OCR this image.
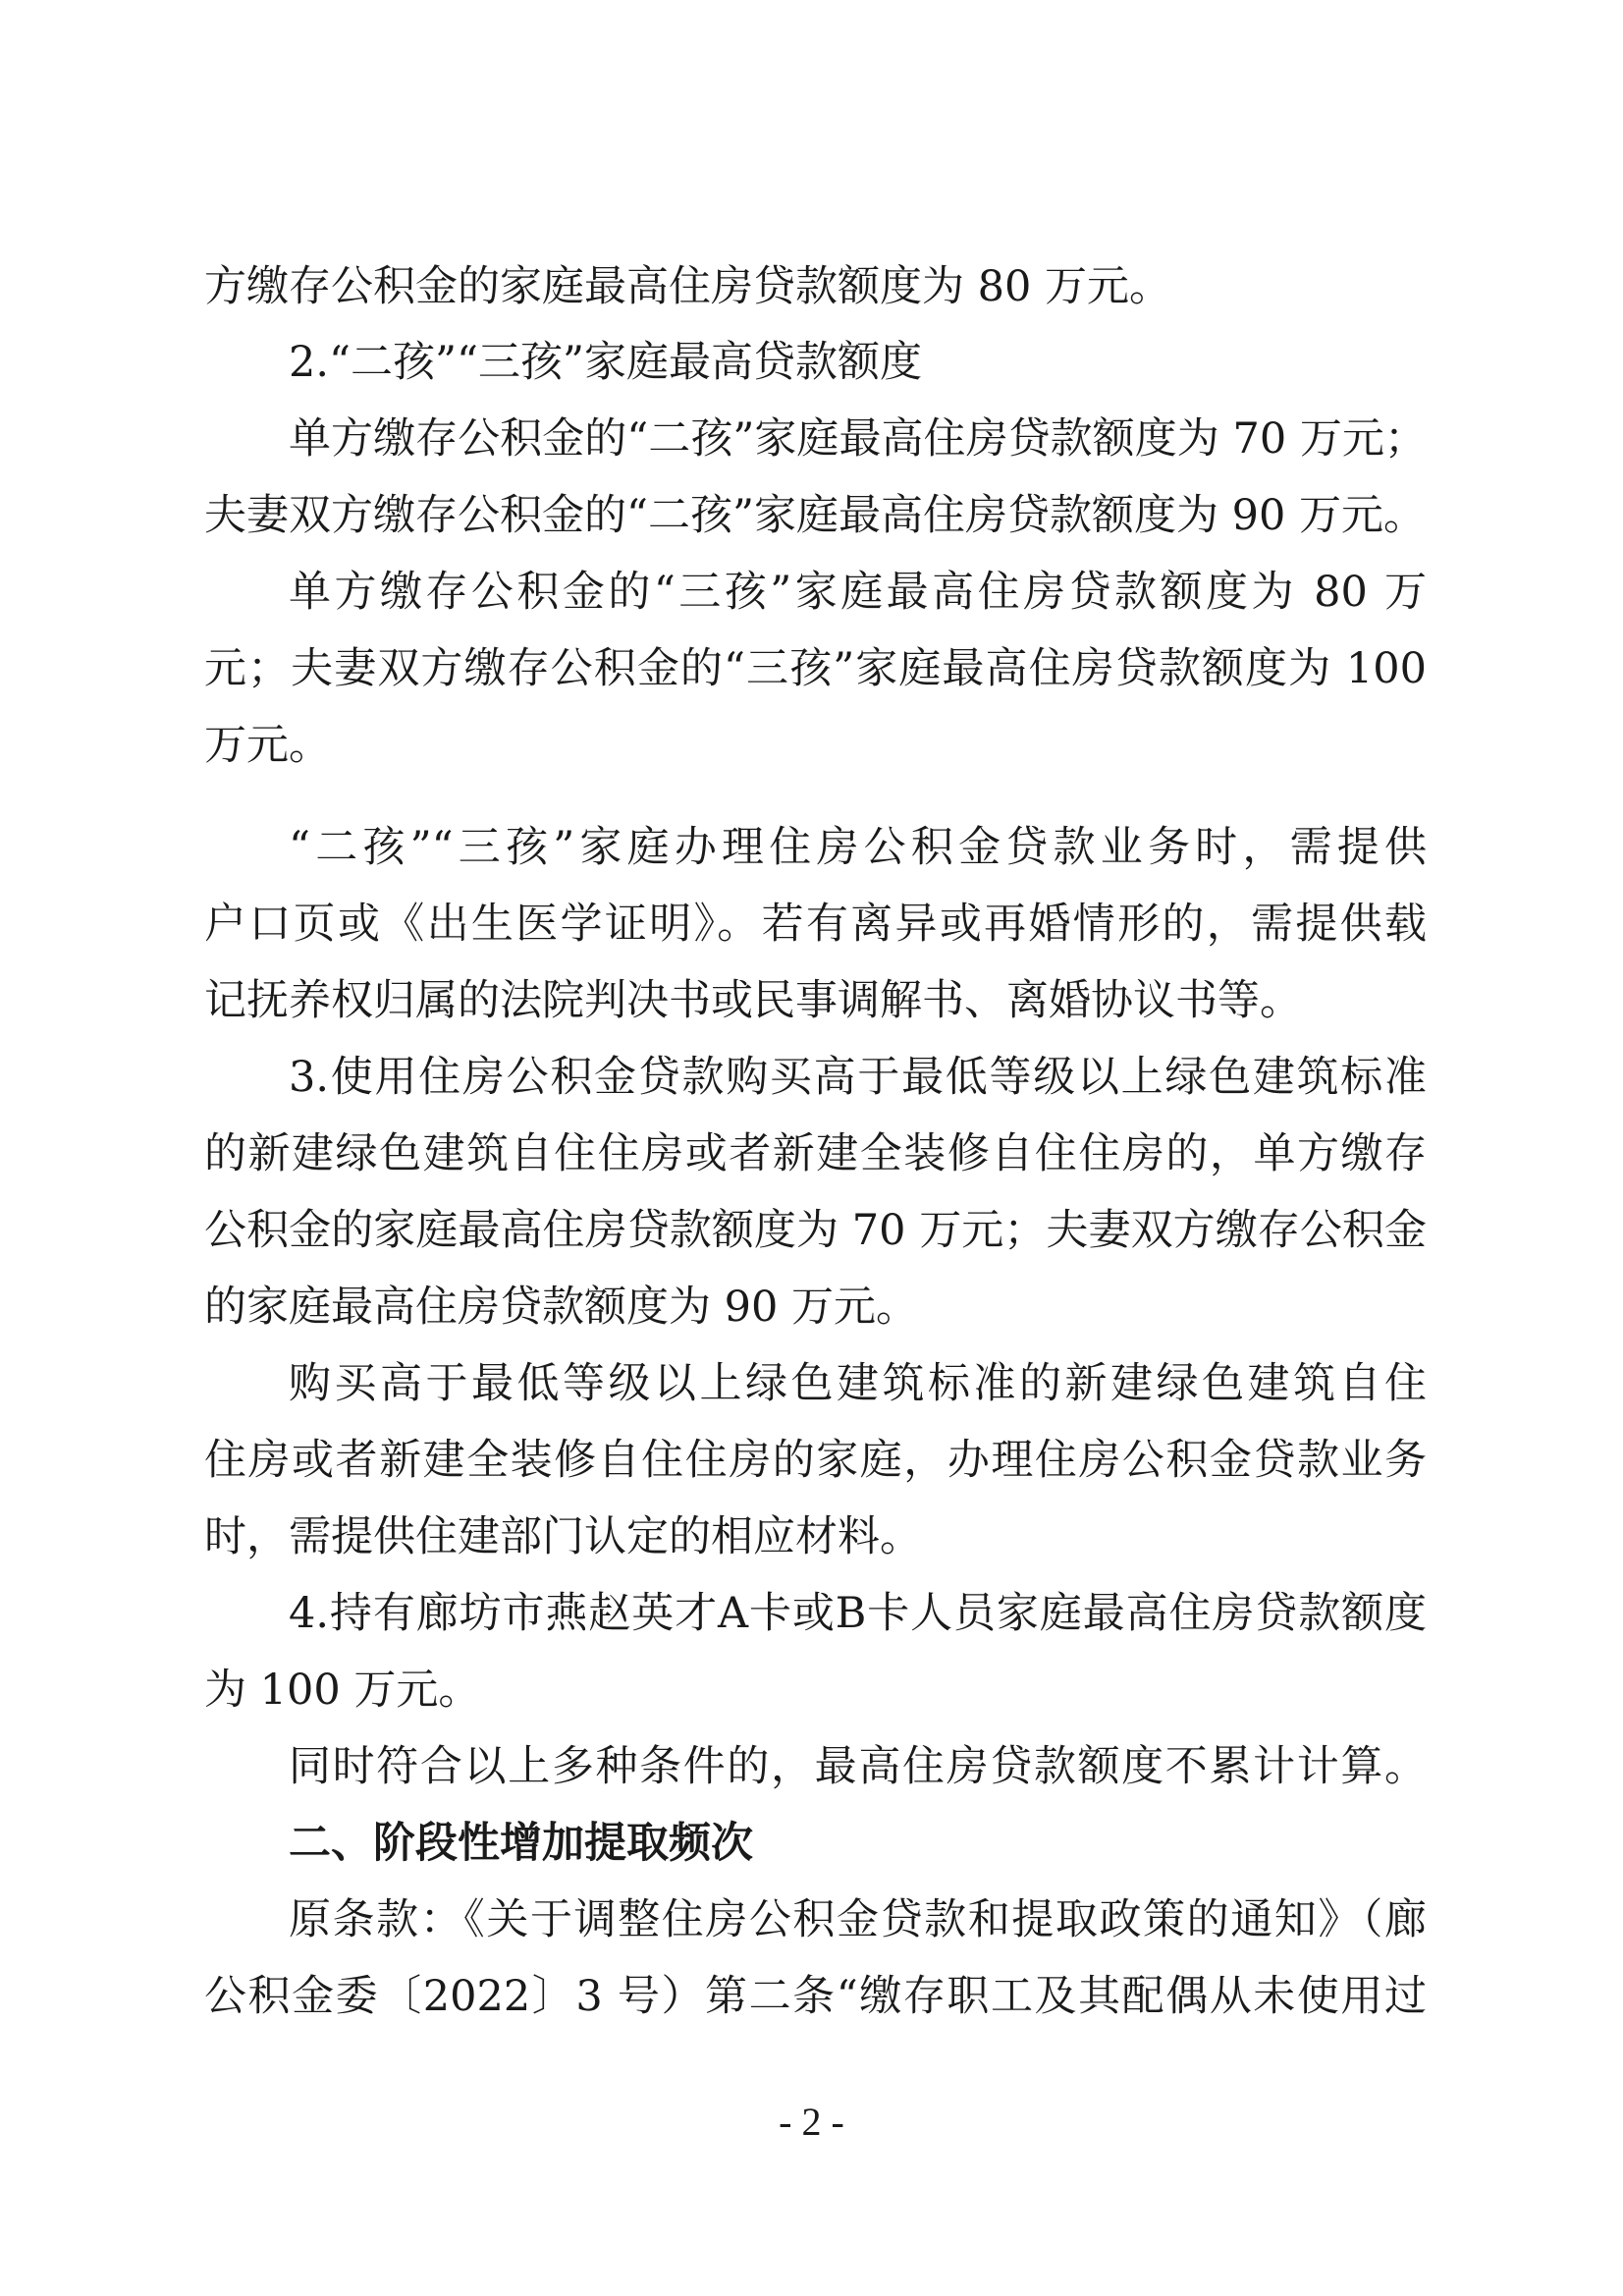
方缴存公积金的家庭最高住房贷款额度为 80 万元。
2.“二孩”“三孩”家庭最高贷款额度
单方缴存公积金的“二孩”家庭最高住房贷款额度为 70 万元；
夫妻双方缴存公积金的“二孩”家庭最高住房贷款额度为 90 万元。
单方缴存公积金的“三孩”家庭最高住房贷款额度为 80 万
元；夫妻双方缴存公积金的“三孩”家庭最高住房贷款额度为 100
万元。
“二孩”“三孩”家庭办理住房公积金贷款业务时，需提供
户口页或《出生医学证明》。若有离异或再婚情形的，需提供载
记抚养权归属的法院判决书或民事调解书、离婚协议书等。
3.使用住房公积金贷款购买高于最低等级以上绿色建筑标准
的新建绿色建筑自住住房或者新建全装修自住住房的，单方缴存
公积金的家庭最高住房贷款额度为 70 万元；夫妻双方缴存公积金
的家庭最高住房贷款额度为 90 万元。
购买高于最低等级以上绿色建筑标准的新建绿色建筑自住
住房或者新建全装修自住住房的家庭，办理住房公积金贷款业务
时，需提供住建部门认定的相应材料。
4.持有廊坊市燕赵英才A卡或B卡人员家庭最高住房贷款额度
为 100 万元。
同时符合以上多种条件的，最高住房贷款额度不累计计算。
二、阶段性增加提取频次
原条款：《关于调整住房公积金贷款和提取政策的通知》（廊
公积金委〔2022〕3 号）第二条“缴存职工及其配偶从未使用过
- 2 -
